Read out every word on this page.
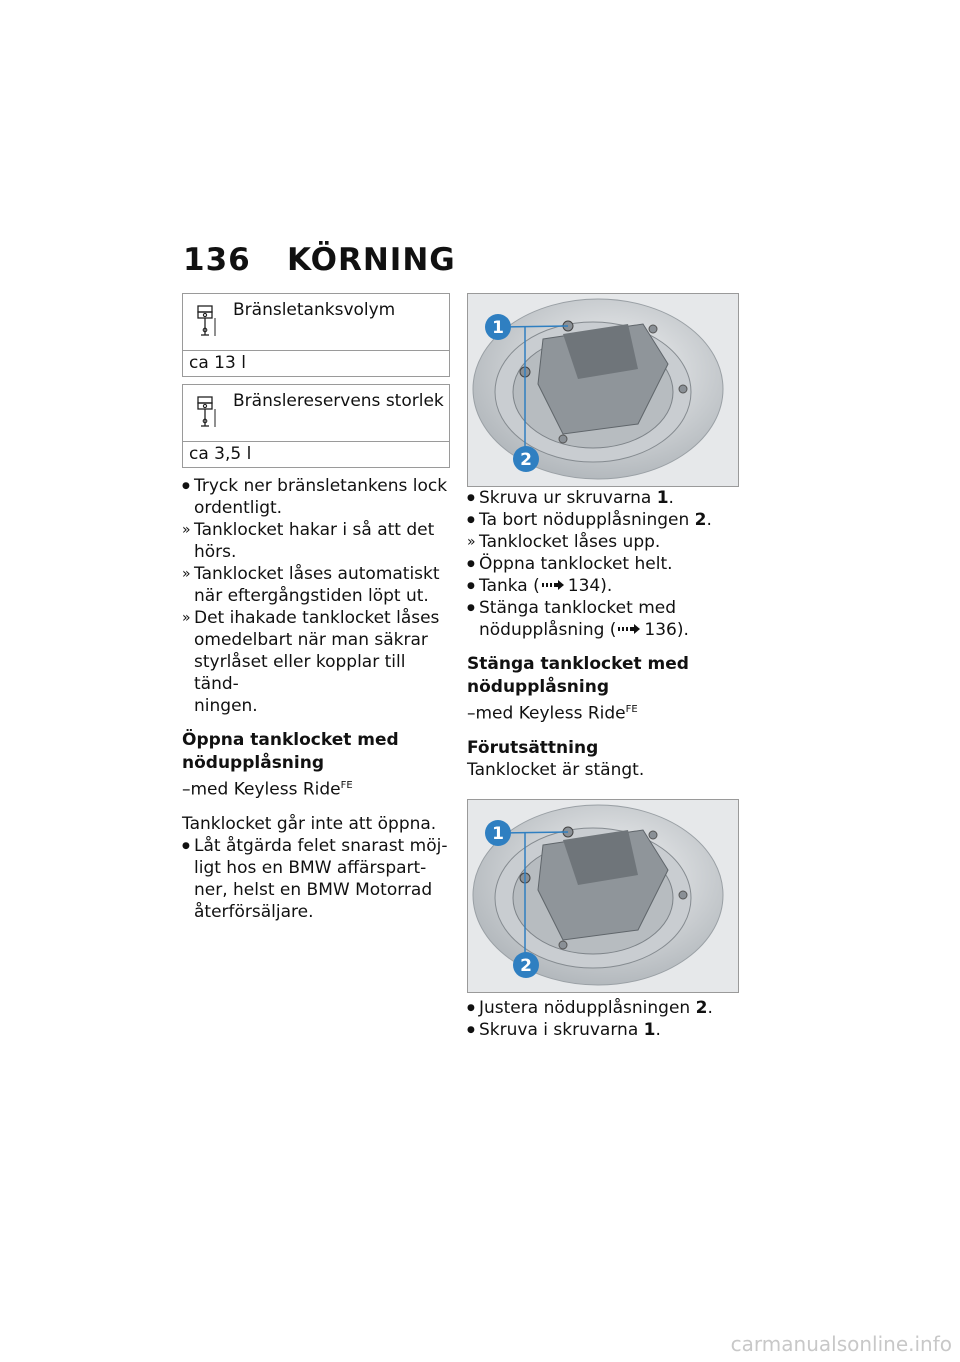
136 KÖRNING
Bränsletanksvolym
ca 13 l
Bränslereservens storlek
ca 3,5 l
●

Tryck ner bränsletankens lock

ordentligt.

»

Tanklocket hakar i så att det

hörs.

»

Tanklocket låses automatiskt

när eftergångstiden löpt ut.

»

Det ihakade tanklocket låses

omedelbart när man säkrar

styrlåset eller kopplar till tänd-

ningen.

Öppna tanklocket med
nödupplåsning
–med Keyless Ride$^{FE}$
Tanklocket går inte att öppna.
●

Låt åtgärda felet snarast möj-

ligt hos en BMW affärspart-

ner, helst en BMW Motorrad

återförsäljare.

1
2
●

Skruva ur skruvarna 1.

●

Ta bort nödupplåsningen 2.

»

Tanklocket låses upp.

●

Öppna tanklocket helt.

●

Tanka ( 134).

●

Stänga tanklocket med

nödupplåsning ( 136).

Stänga tanklocket med
nödupplåsning
–med Keyless Ride$^{FE}$
Förutsättning
Tanklocket är stängt.
1
2
●

Justera nödupplåsningen 2.

●

Skruva i skruvarna 1.

carmanualsonline.info
